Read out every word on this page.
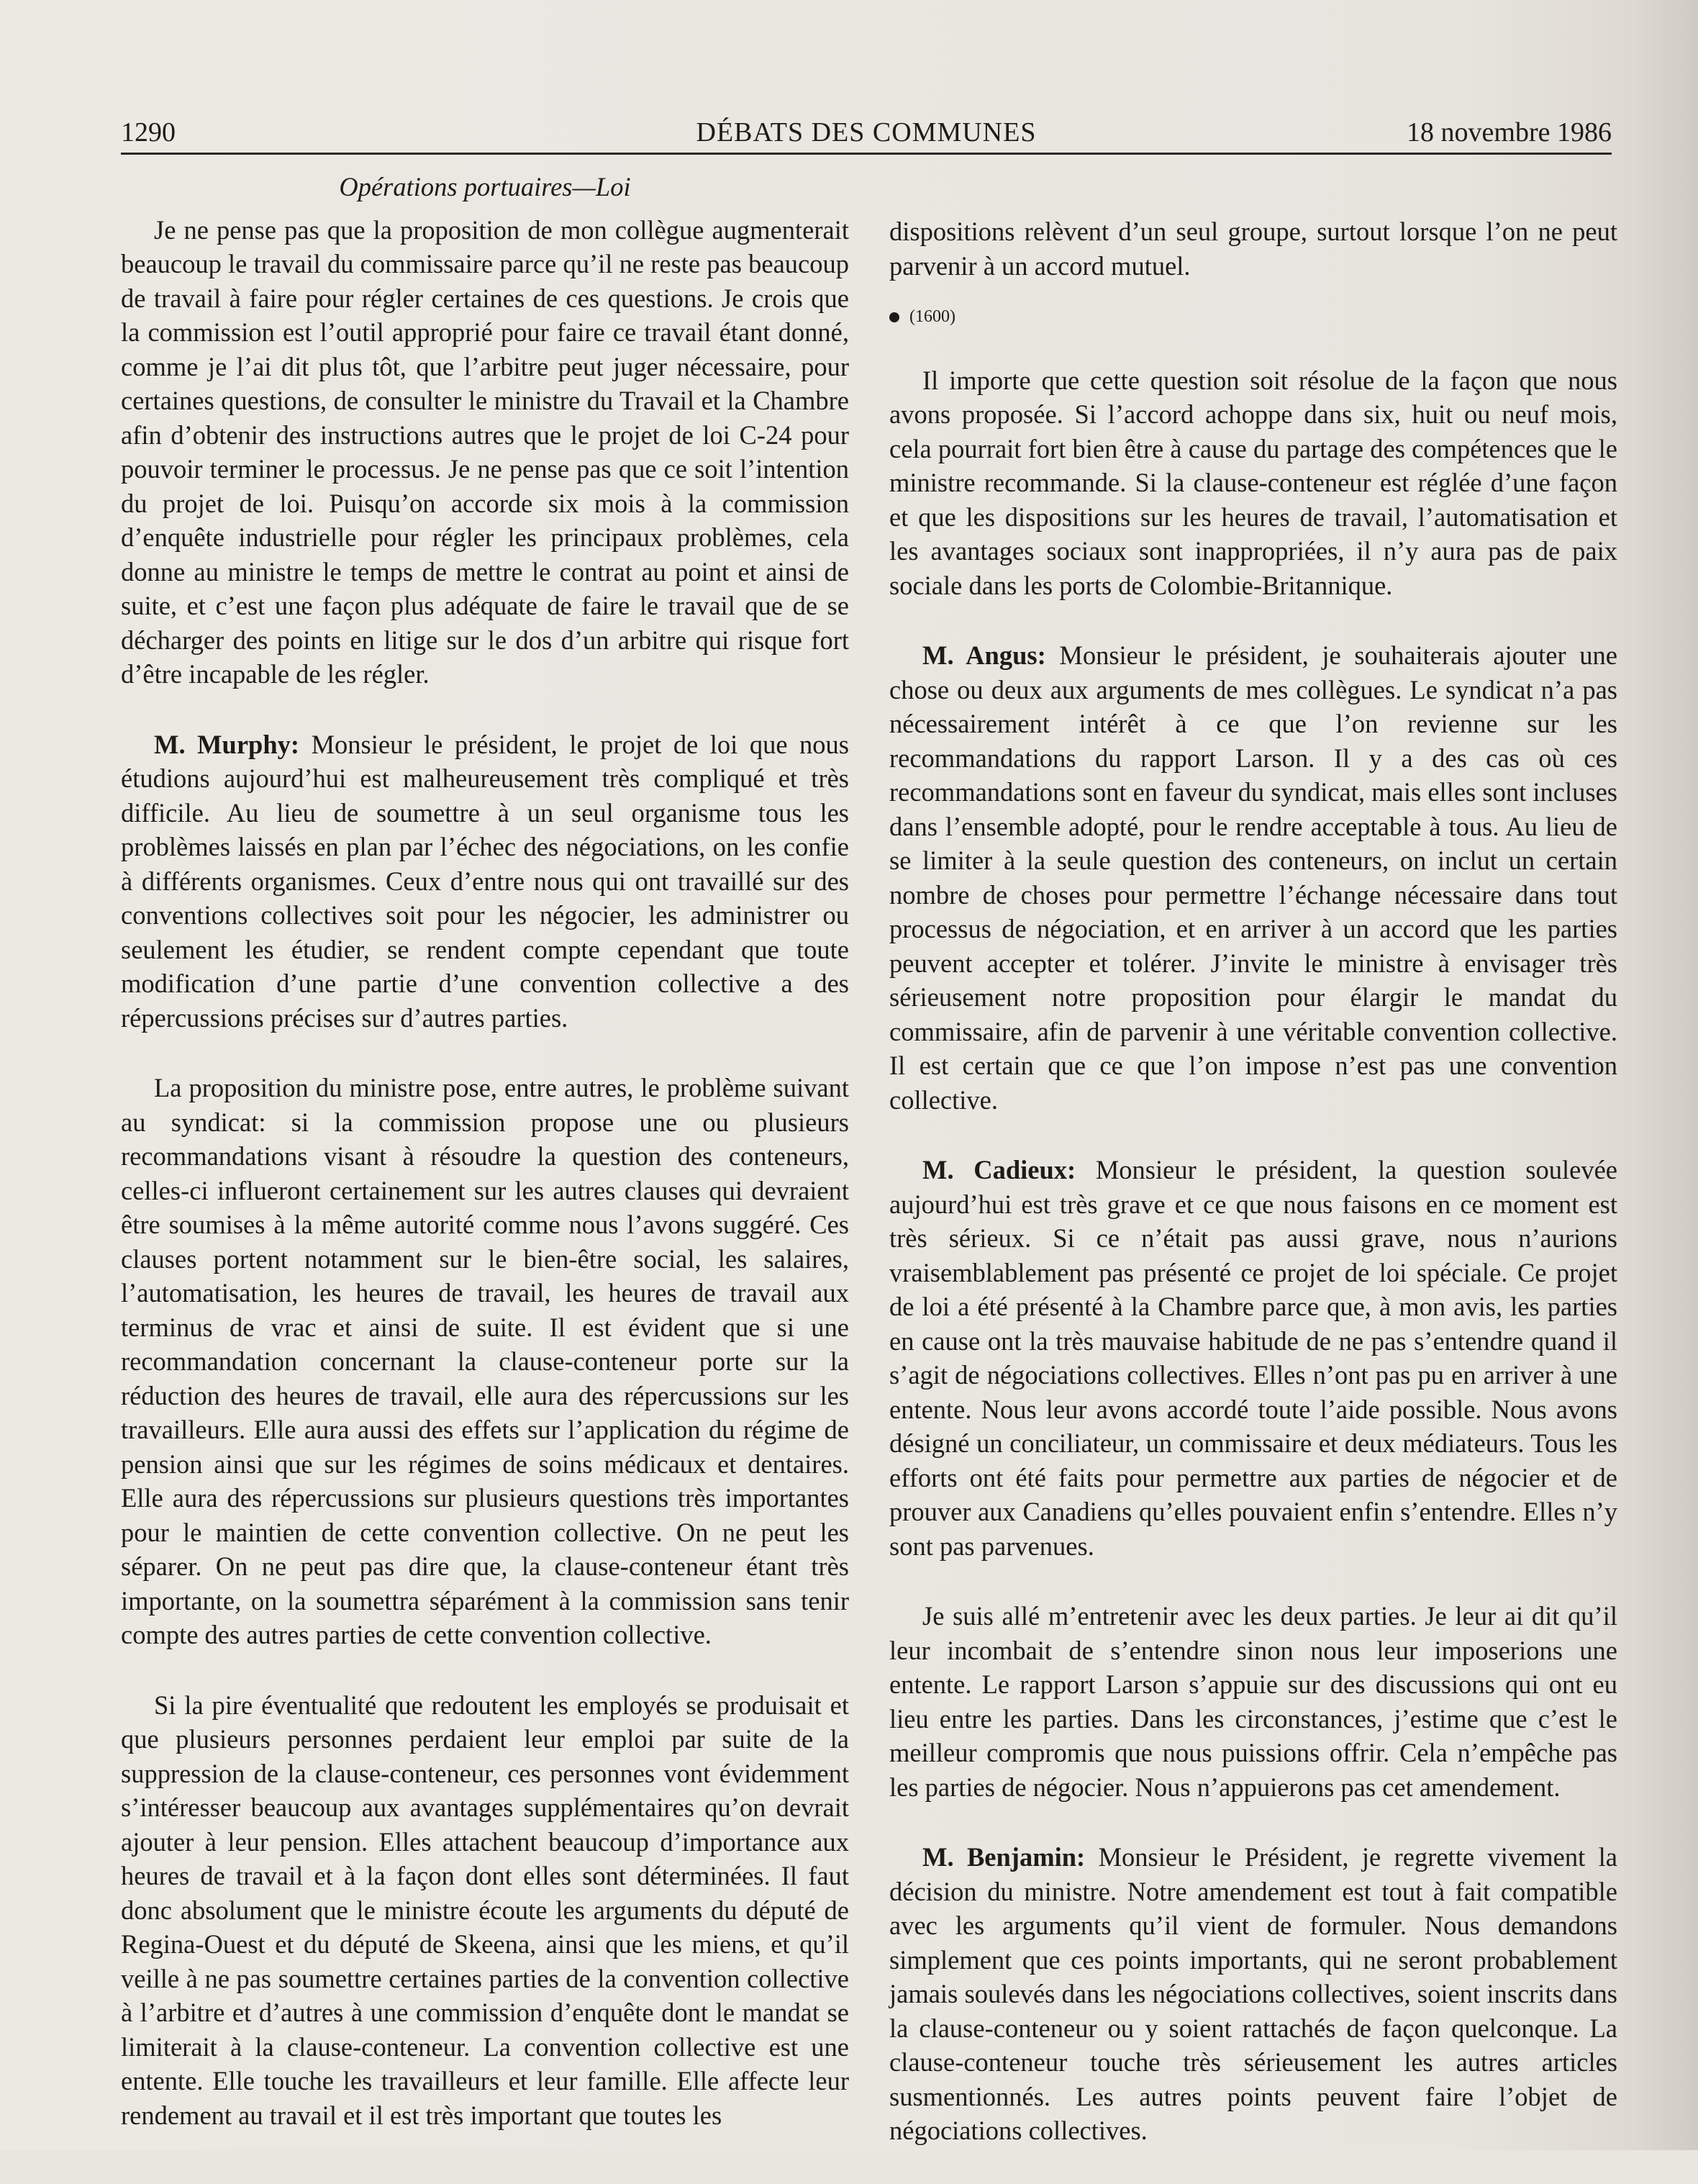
1290	DÉBATS DES COMMUNES	18 novembre 1986
Opérations portuaires—Loi

Je ne pense pas que la proposition de mon collègue augmenterait beaucoup le travail du commissaire parce qu’il ne reste pas beaucoup de travail à faire pour régler certaines de ces questions. Je crois que la commission est l’outil approprié pour faire ce travail étant donné, comme je l’ai dit plus tôt, que l’arbitre peut juger nécessaire, pour certaines questions, de consulter le ministre du Travail et la Chambre afin d’obtenir des instructions autres que le projet de loi C-24 pour pouvoir terminer le processus. Je ne pense pas que ce soit l’intention du projet de loi. Puisqu’on accorde six mois à la commission d’enquête industrielle pour régler les principaux problèmes, cela donne au ministre le temps de mettre le contrat au point et ainsi de suite, et c’est une façon plus adéquate de faire le travail que de se décharger des points en litige sur le dos d’un arbitre qui risque fort d’être incapable de les régler.

M. Murphy: Monsieur le président, le projet de loi que nous étudions aujourd’hui est malheureusement très compliqué et très difficile. Au lieu de soumettre à un seul organisme tous les problèmes laissés en plan par l’échec des négociations, on les confie à différents organismes. Ceux d’entre nous qui ont travaillé sur des conventions collectives soit pour les négocier, les administrer ou seulement les étudier, se rendent compte cependant que toute modification d’une partie d’une convention collective a des répercussions précises sur d’autres parties.

La proposition du ministre pose, entre autres, le problème suivant au syndicat: si la commission propose une ou plusieurs recommandations visant à résoudre la question des conteneurs, celles-ci influeront certainement sur les autres clauses qui devraient être soumises à la même autorité comme nous l’avons suggéré. Ces clauses portent notamment sur le bien-être social, les salaires, l’automatisation, les heures de travail, les heures de travail aux terminus de vrac et ainsi de suite. Il est évident que si une recommandation concernant la clause-conteneur porte sur la réduction des heures de travail, elle aura des répercussions sur les travailleurs. Elle aura aussi des effets sur l’application du régime de pension ainsi que sur les régimes de soins médicaux et dentaires. Elle aura des répercussions sur plusieurs questions très importantes pour le maintien de cette convention collective. On ne peut les séparer. On ne peut pas dire que, la clause-conteneur étant très importante, on la soumettra séparément à la commission sans tenir compte des autres parties de cette convention collective.

Si la pire éventualité que redoutent les employés se produisait et que plusieurs personnes perdaient leur emploi par suite de la suppression de la clause-conteneur, ces personnes vont évidemment s’intéresser beaucoup aux avantages supplémentaires qu’on devrait ajouter à leur pension. Elles attachent beaucoup d’importance aux heures de travail et à la façon dont elles sont déterminées. Il faut donc absolument que le ministre écoute les arguments du député de Regina-Ouest et du député de Skeena, ainsi que les miens, et qu’il veille à ne pas soumettre certaines parties de la convention collective à l’arbitre et d’autres à une commission d’enquête dont le mandat se limiterait à la clause-conteneur. La convention collective est une entente. Elle touche les travailleurs et leur famille. Elle affecte leur rendement au travail et il est très important que toutes les

dispositions relèvent d’un seul groupe, surtout lorsque l’on ne peut parvenir à un accord mutuel.

(1600)

Il importe que cette question soit résolue de la façon que nous avons proposée. Si l’accord achoppe dans six, huit ou neuf mois, cela pourrait fort bien être à cause du partage des compétences que le ministre recommande. Si la clause-conteneur est réglée d’une façon et que les dispositions sur les heures de travail, l’automatisation et les avantages sociaux sont inappropriées, il n’y aura pas de paix sociale dans les ports de Colombie-Britannique.

M. Angus: Monsieur le président, je souhaiterais ajouter une chose ou deux aux arguments de mes collègues. Le syndicat n’a pas nécessairement intérêt à ce que l’on revienne sur les recommandations du rapport Larson. Il y a des cas où ces recommandations sont en faveur du syndicat, mais elles sont incluses dans l’ensemble adopté, pour le rendre acceptable à tous. Au lieu de se limiter à la seule question des conteneurs, on inclut un certain nombre de choses pour permettre l’échange nécessaire dans tout processus de négociation, et en arriver à un accord que les parties peuvent accepter et tolérer. J’invite le ministre à envisager très sérieusement notre proposition pour élargir le mandat du commissaire, afin de parvenir à une véritable convention collective. Il est certain que ce que l’on impose n’est pas une convention collective.

M. Cadieux: Monsieur le président, la question soulevée aujourd’hui est très grave et ce que nous faisons en ce moment est très sérieux. Si ce n’était pas aussi grave, nous n’aurions vraisemblablement pas présenté ce projet de loi spéciale. Ce projet de loi a été présenté à la Chambre parce que, à mon avis, les parties en cause ont la très mauvaise habitude de ne pas s’entendre quand il s’agit de négociations collectives. Elles n’ont pas pu en arriver à une entente. Nous leur avons accordé toute l’aide possible. Nous avons désigné un conciliateur, un commissaire et deux médiateurs. Tous les efforts ont été faits pour permettre aux parties de négocier et de prouver aux Canadiens qu’elles pouvaient enfin s’entendre. Elles n’y sont pas parvenues.

Je suis allé m’entretenir avec les deux parties. Je leur ai dit qu’il leur incombait de s’entendre sinon nous leur imposerions une entente. Le rapport Larson s’appuie sur des discussions qui ont eu lieu entre les parties. Dans les circonstances, j’estime que c’est le meilleur compromis que nous puissions offrir. Cela n’empêche pas les parties de négocier. Nous n’appuierons pas cet amendement.

M. Benjamin: Monsieur le Président, je regrette vivement la décision du ministre. Notre amendement est tout à fait compatible avec les arguments qu’il vient de formuler. Nous demandons simplement que ces points importants, qui ne seront probablement jamais soulevés dans les négociations collectives, soient inscrits dans la clause-conteneur ou y soient rattachés de façon quelconque. La clause-conteneur touche très sérieusement les autres articles susmentionnés. Les autres points peuvent faire l’objet de négociations collectives.
